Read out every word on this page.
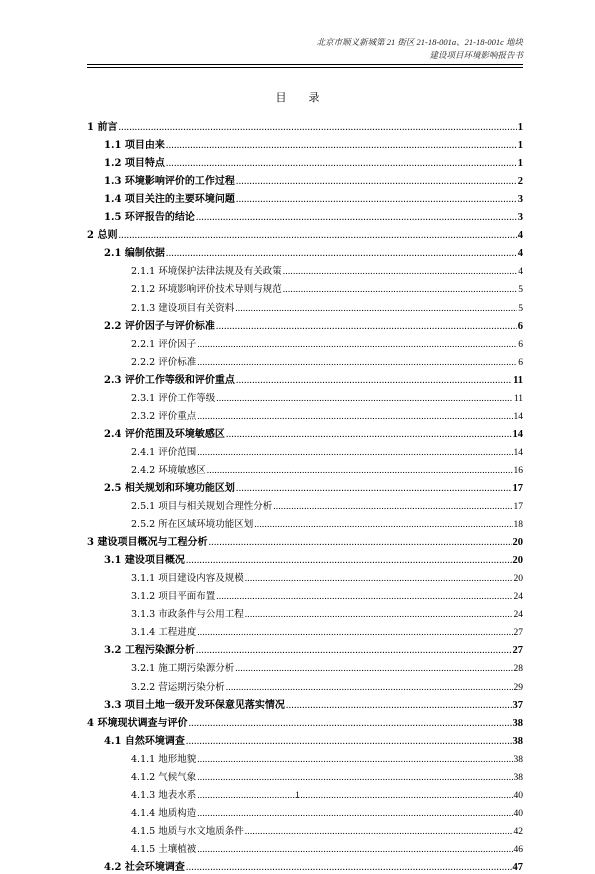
北京市顺义新城第 21 街区 21-18-001a、21-18-001c 地块
建设项目环境影响报告书
目录
1 前言 .....	1
1.1 项目由来 .....	1
1.2 项目特点 .....	1
1.3 环境影响评价的工作过程 .....	2
1.4 项目关注的主要环境问题 .....	3
1.5 环评报告的结论 .....	3
2 总则 .....	4
2.1 编制依据 .....	4
2.1.1 环境保护法律法规及有关政策 .....	4
2.1.2 环境影响评价技术导则与规范 .....	5
2.1.3 建设项目有关资料 .....	5
2.2 评价因子与评价标准 .....	6
2.2.1 评价因子 .....	6
2.2.2 评价标准 .....	6
2.3 评价工作等级和评价重点 .....	11
2.3.1 评价工作等级 .....	11
2.3.2 评价重点 .....	14
2.4 评价范围及环境敏感区 .....	14
2.4.1 评价范围 .....	14
2.4.2 环境敏感区 .....	16
2.5 相关规划和环境功能区划 .....	17
2.5.1 项目与相关规划合理性分析 .....	17
2.5.2 所在区域环境功能区划 .....	18
3 建设项目概况与工程分析 .....	20
3.1 建设项目概况 .....	20
3.1.1 项目建设内容及规模 .....	20
3.1.2 项目平面布置 .....	24
3.1.3 市政条件与公用工程 .....	24
3.1.4 工程进度 .....	27
3.2 工程污染源分析 .....	27
3.2.1 施工期污染源分析 .....	28
3.2.2 营运期污染分析 .....	29
3.3 项目土地一级开发环保意见落实情况 .....	37
4 环境现状调查与评价 .....	38
4.1 自然环境调查 .....	38
4.1.1 地形地貌 .....	38
4.1.2 气候气象 .....	38
4.1.3 地表水系 .....	40
4.1.4 地质构造 .....	40
4.1.5 地质与水文地质条件 .....	42
4.1.5 土壤植被 .....	46
4.2 社会环境调查 .....	47
1
